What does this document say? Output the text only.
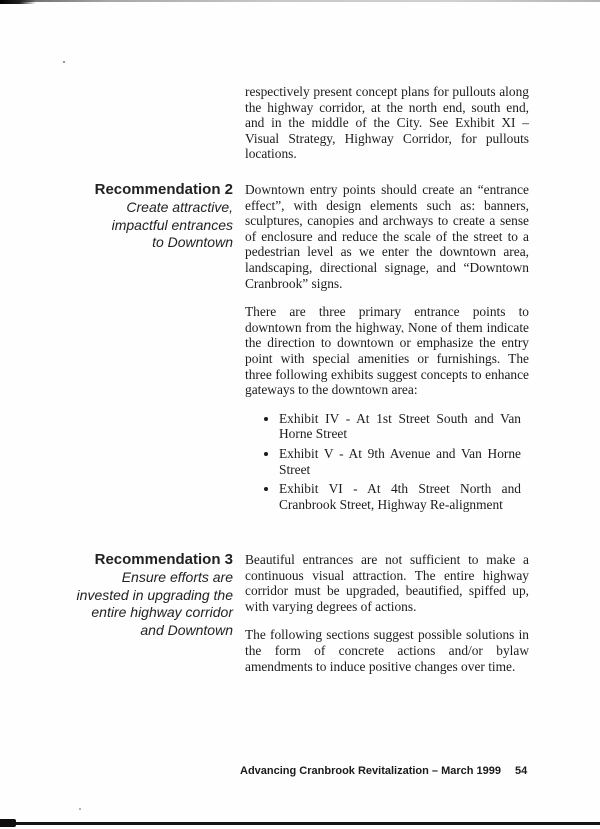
respectively present concept plans for pullouts along the highway corridor, at the north end, south end, and in the middle of the City. See Exhibit XI – Visual Strategy, Highway Corridor, for pullouts locations.

Recommendation 2
Create attractive,
impactful entrances
to Downtown

Downtown entry points should create an “entrance effect”, with design elements such as: banners, sculptures, canopies and archways to create a sense of enclosure and reduce the scale of the street to a pedestrian level as we enter the downtown area, landscaping, directional signage, and “Downtown Cranbrook” signs.

There are three primary entrance points to downtown from the highway. None of them indicate the direction to downtown or emphasize the entry point with special amenities or furnishings. The three following exhibits suggest concepts to enhance gateways to the downtown area:

• Exhibit IV - At 1st Street South and Van Horne Street
• Exhibit V - At 9th Avenue and Van Horne Street
• Exhibit VI - At 4th Street North and Cranbrook Street, Highway Re-alignment
Recommendation 3
Ensure efforts are
invested in upgrading the
entire highway corridor
and Downtown

Beautiful entrances are not sufficient to make a continuous visual attraction. The entire highway corridor must be upgraded, beautified, spiffed up, with varying degrees of actions.

The following sections suggest possible solutions in the form of concrete actions and/or bylaw amendments to induce positive changes over time.

Advancing Cranbrook Revitalization – March 1999 54
